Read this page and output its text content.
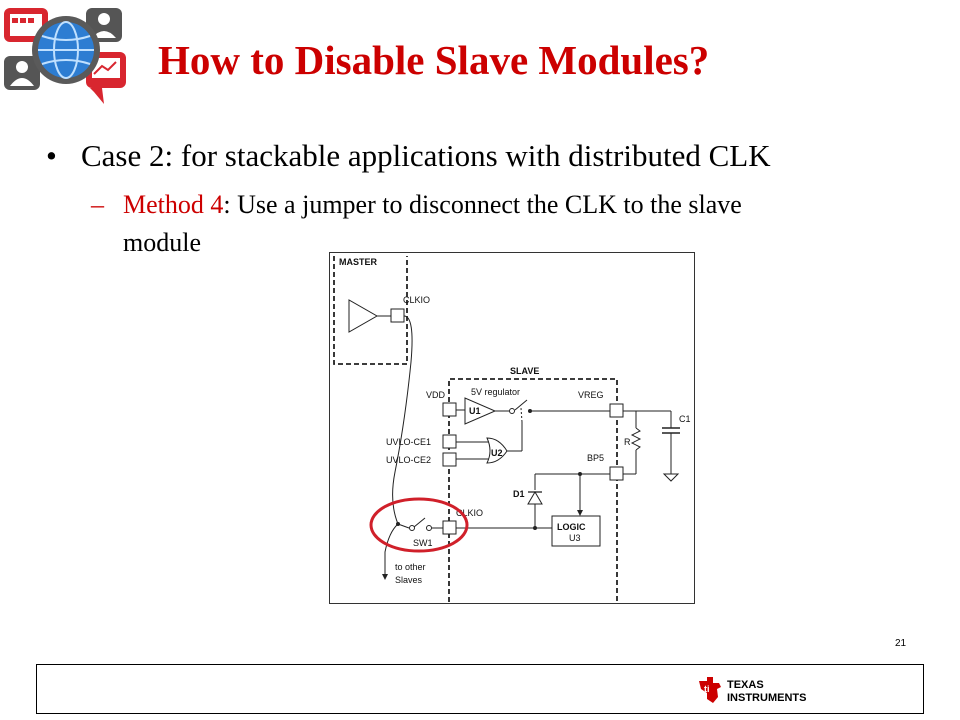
How to Disable Slave Modules?
• Case 2: for stackable applications with distributed CLK
– Method 4: Use a jumper to disconnect the CLK to the slave
module
MASTER
CLKIO
to other
Slaves
SLAVE
VDD
U1
5V regulator	VREG
C1
R
UVLO-CE1
UVLO-CE2
U2	BP5
D1
LOGIC
U3
CLKIO
SW1
21
ti TEXAS
INSTRUMENTS
